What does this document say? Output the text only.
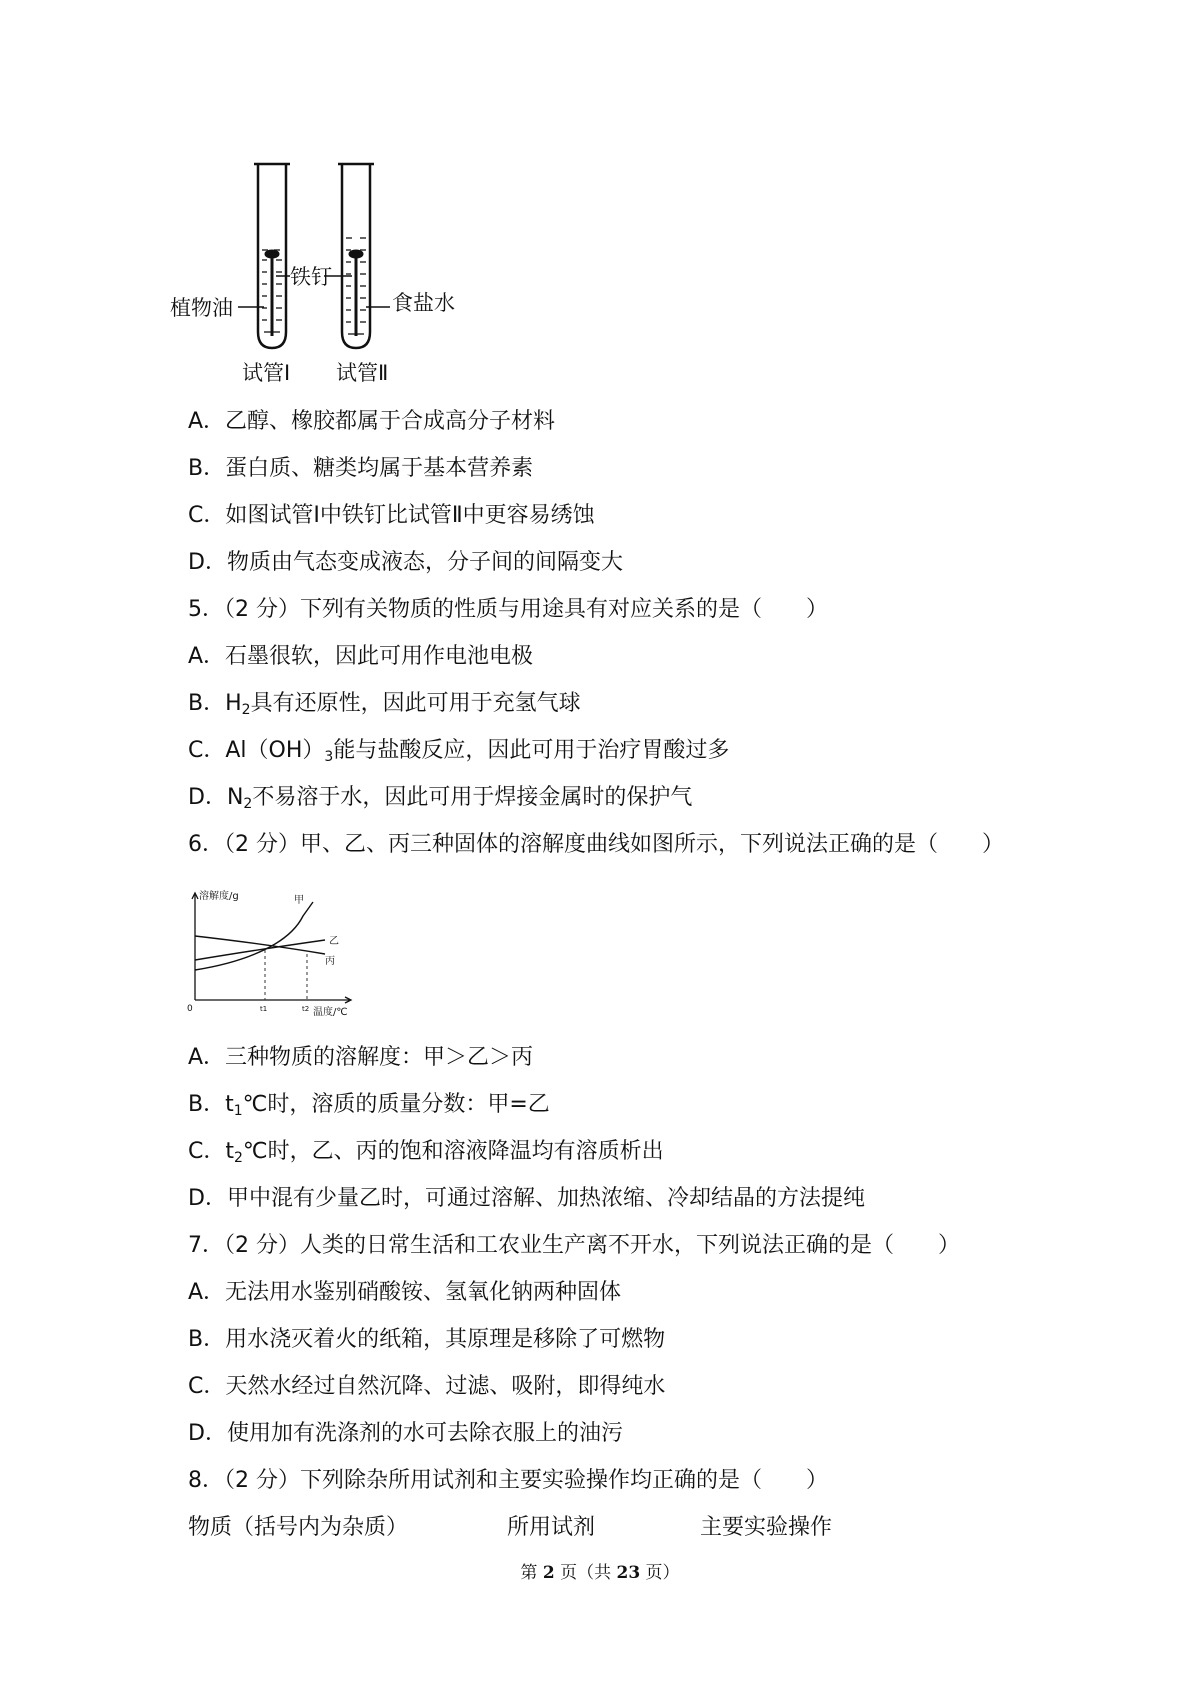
植物油
铁钉
食盐水
试管Ⅰ 试管Ⅱ
A．乙醇、橡胶都属于合成高分子材料
B．蛋白质、糖类均属于基本营养素
C．如图试管Ⅰ中铁钉比试管Ⅱ中更容易绣蚀
D．物质由气态变成液态，分子间的间隔变大
5．（2 分）下列有关物质的性质与用途具有对应关系的是（　　）
A．石墨很软，因此可用作电池电极
B．$H_2$具有还原性，因此可用于充氢气球
C．$Al(OH)_3$能与盐酸反应，因此可用于治疗胃酸过多
D．$N_2$不易溶于水，因此可用于焊接金属时的保护气
6．（2 分）甲、乙、丙三种固体的溶解度曲线如图所示，下列说法正确的是（　　）
溶解度/g
温度/℃
0	t1	t2
甲
乙
丙
A．三种物质的溶解度：甲＞乙＞丙
B．$t_1℃$时，溶质的质量分数：甲=乙
C．$t_2℃$时，乙、丙的饱和溶液降温均有溶质析出
D．甲中混有少量乙时，可通过溶解、加热浓缩、冷却结晶的方法提纯
7．（2 分）人类的日常生活和工农业生产离不开水，下列说法正确的是（　　）
A．无法用水鉴别硝酸铵、氢氧化钠两种固体
B．用水浇灭着火的纸箱，其原理是移除了可燃物
C．天然水经过自然沉降、过滤、吸附，即得纯水
D．使用加有洗涤剂的水可去除衣服上的油污
8．（2 分）下列除杂所用试剂和主要实验操作均正确的是（　　）
物质（括号内为杂质）	所用试剂	主要实验操作
第 2 页（共 23 页）
